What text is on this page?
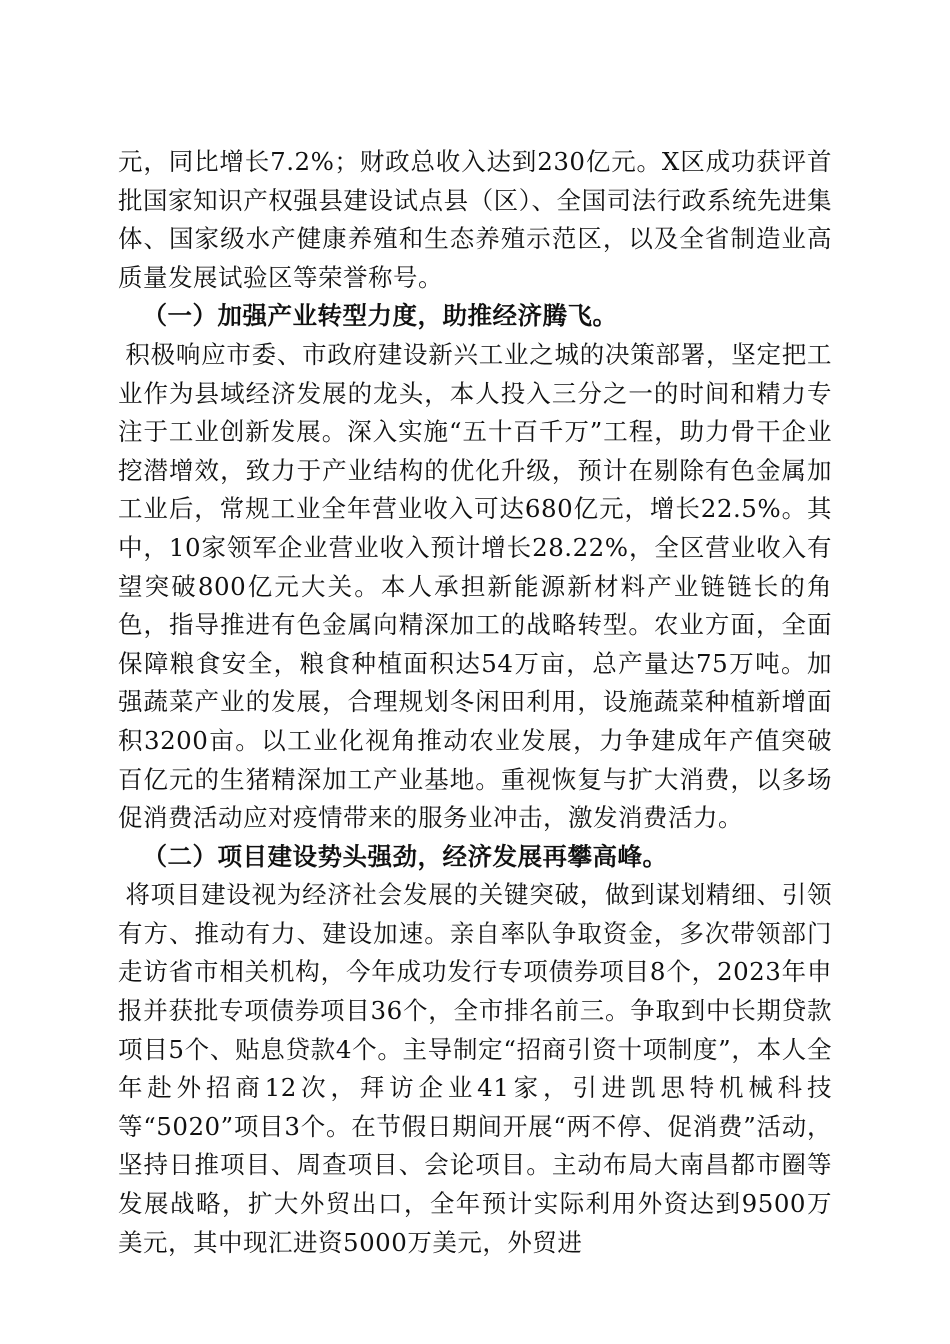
元，同比增长7.2%；财政总收入达到230亿元。X区成功获评首批国家知识产权强县建设试点县（区）、全国司法行政系统先进集体、国家级水产健康养殖和生态养殖示范区，以及全省制造业高质量发展试验区等荣誉称号。

（一）加强产业转型力度，助推经济腾飞。

积极响应市委、市政府建设新兴工业之城的决策部署，坚定把工业作为县域经济发展的龙头，本人投入三分之一的时间和精力专注于工业创新发展。深入实施“五十百千万”工程，助力骨干企业挖潜增效，致力于产业结构的优化升级，预计在剔除有色金属加工业后，常规工业全年营业收入可达680亿元，增长22.5%。其中，10家领军企业营业收入预计增长28.22%，全区营业收入有望突破800亿元大关。本人承担新能源新材料产业链链长的角色，指导推进有色金属向精深加工的战略转型。农业方面，全面保障粮食安全，粮食种植面积达54万亩，总产量达75万吨。加强蔬菜产业的发展，合理规划冬闲田利用，设施蔬菜种植新增面积3200亩。以工业化视角推动农业发展，力争建成年产值突破百亿元的生猪精深加工产业基地。重视恢复与扩大消费，以多场促消费活动应对疫情带来的服务业冲击，激发消费活力。

（二）项目建设势头强劲，经济发展再攀高峰。

将项目建设视为经济社会发展的关键突破，做到谋划精细、引领有方、推动有力、建设加速。亲自率队争取资金，多次带领部门走访省市相关机构，今年成功发行专项债券项目8个，2023年申报并获批专项债券项目36个，全市排名前三。争取到中长期贷款项目5个、贴息贷款4个。主导制定“招商引资十项制度”，本人全年赴外招商12次，拜访企业41家，引进凯思特机械科技等“5020”项目3个。在节假日期间开展“两不停、促消费”活动，坚持日推项目、周查项目、会论项目。主动布局大南昌都市圈等发展战略，扩大外贸出口，全年预计实际利用外资达到9500万美元，其中现汇进资5000万美元，外贸进
